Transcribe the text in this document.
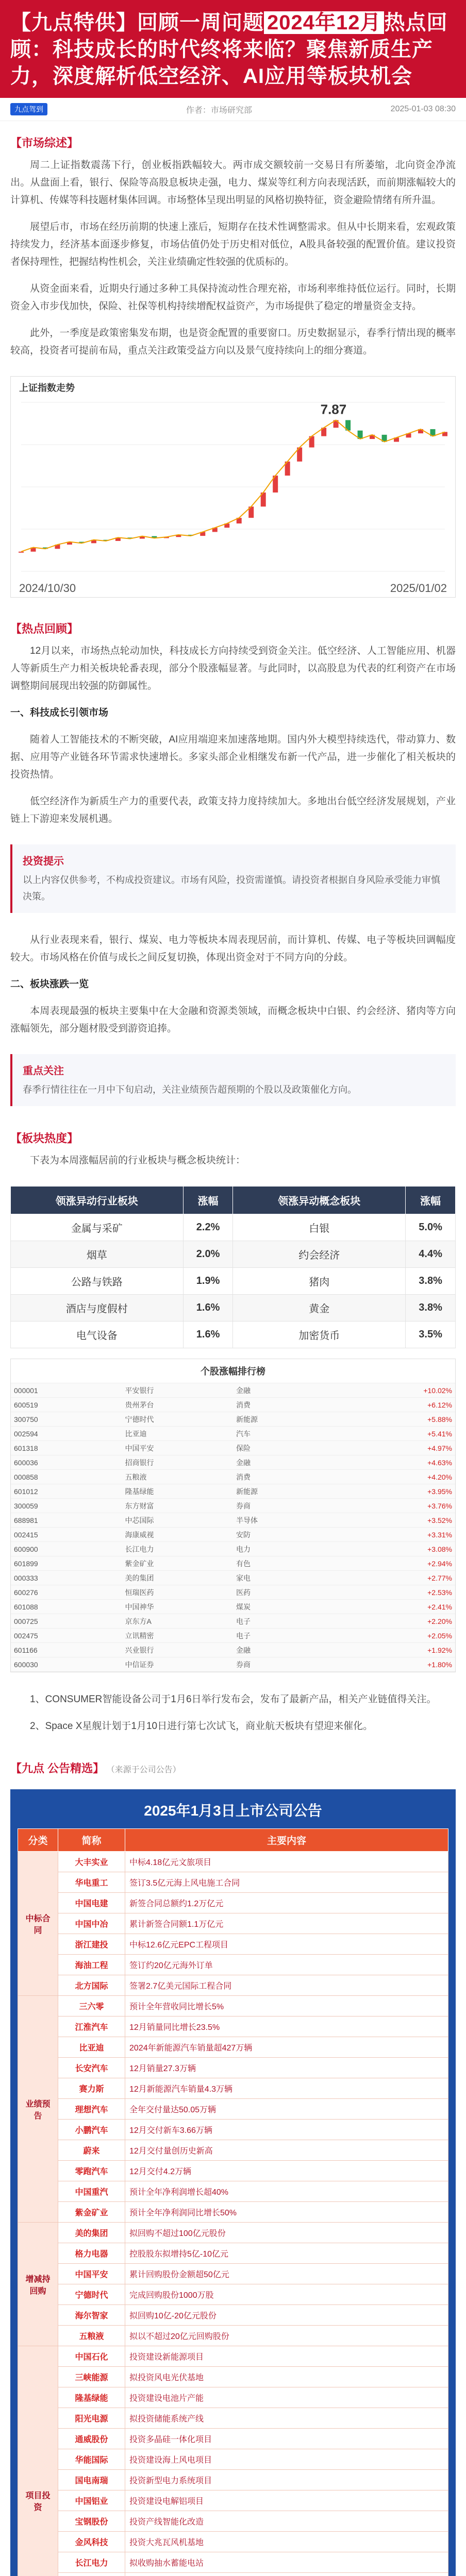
【九点特供】回顾一周问题 2024年12月 热点回顾：科技成长的时代终将来临？聚焦新质生产力，深度解析低空经济、AI应用等板块机会
九点驾到	作者：市场研究部	2025-01-03 08:30
【 市场综述 】

周二上证指数震荡下行，创业板指跌幅较大。两市成交额较前一交易日有所萎缩，北向资金净流出。从盘面上看，银行、保险等高股息板块走强，电力、煤炭等红利方向表现活跃，而前期涨幅较大的计算机、传媒等科技题材集体回调。市场整体呈现出明显的风格切换特征，资金避险情绪有所升温。

展望后市，市场在经历前期的快速上涨后，短期存在技术性调整需求。但从中长期来看，宏观政策持续发力，经济基本面逐步修复，市场估值仍处于历史相对低位，A股具备较强的配置价值。建议投资者保持理性，把握结构性机会，关注业绩确定性较强的优质标的。

从资金面来看，近期央行通过多种工具保持流动性合理充裕，市场利率维持低位运行。同时，长期资金入市步伐加快，保险、社保等机构持续增配权益资产，为市场提供了稳定的增量资金支持。

此外，一季度是政策密集发布期，也是资金配置的重要窗口。历史数据显示，春季行情出现的概率较高，投资者可提前布局，重点关注政策受益方向以及景气度持续向上的细分赛道。

上证指数走势
2024/10/30	2025/01/02
7.87
【 热点回顾 】

12月以来，市场热点轮动加快，科技成长方向持续受到资金关注。低空经济、人工智能应用、机器人等新质生产力相关板块轮番表现，部分个股涨幅显著。与此同时，以高股息为代表的红利资产在市场调整期间展现出较强的防御属性。

一、科技成长引领市场

随着人工智能技术的不断突破，AI应用端迎来加速落地期。国内外大模型持续迭代，带动算力、数据、应用等产业链各环节需求快速增长。多家头部企业相继发布新一代产品，进一步催化了相关板块的投资热情。

低空经济作为新质生产力的重要代表，政策支持力度持续加大。多地出台低空经济发展规划，产业链上下游迎来发展机遇。

投资提示

以上内容仅供参考，不构成投资建议。市场有风险，投资需谨慎。请投资者根据自身风险承受能力审慎决策。

从行业表现来看，银行、煤炭、电力等板块本周表现居前，而计算机、传媒、电子等板块回调幅度较大。市场风格在价值与成长之间反复切换，体现出资金对于不同方向的分歧。

二、板块涨跌一览

本周表现最强的板块主要集中在大金融和资源类领域，而概念板块中白银、约会经济、猪肉等方向涨幅领先，部分题材股受到游资追捧。

重点关注

春季行情往往在一月中下旬启动，关注业绩预告超预期的个股以及政策催化方向。

【 板块热度 】

下表为本周涨幅居前的行业板块与概念板块统计：

领涨异动行业板块	涨幅	领涨异动概念板块	涨幅
金属与采矿	2.2%	白银	5.0%
烟草	2.0%	约会经济	4.4%
公路与铁路	1.9%	猪肉	3.8%
酒店与度假村	1.6%	黄金	3.8%
电气设备	1.6%	加密货币	3.5%
个股涨幅排行榜
000001	平安银行	金融	+10.02%
600519	贵州茅台	消费	+6.12%
300750	宁德时代	新能源	+5.88%
002594	比亚迪	汽车	+5.41%
601318	中国平安	保险	+4.97%
600036	招商银行	金融	+4.63%
000858	五粮液	消费	+4.20%
601012	隆基绿能	新能源	+3.95%
300059	东方财富	券商	+3.76%
688981	中芯国际	半导体	+3.52%
002415	海康威视	安防	+3.31%
600900	长江电力	电力	+3.08%
601899	紫金矿业	有色	+2.94%
000333	美的集团	家电	+2.77%
600276	恒瑞医药	医药	+2.53%
601088	中国神华	煤炭	+2.41%
000725	京东方A	电子	+2.20%
002475	立讯精密	电子	+2.05%
601166	兴业银行	金融	+1.92%
600030	中信证券	券商	+1.80%

1、CONSUMER智能设备公司于1月6日举行发布会，发布了最新产品，相关产业链值得关注。

2、Space X星舰计划于1月10日进行第七次试飞，商业航天板块有望迎来催化。

【 九点 公告精选 】 （来源于公司公告）
2025年1月3日上市公司公告
分类	简称	主要内容
中标合同	大丰实业	中标4.18亿元文旅项目
	华电重工	签订3.5亿元海上风电施工合同
	中国电建	新签合同总额约1.2万亿元
	中国中冶	累计新签合同额1.1万亿元
	浙江建投	中标12.6亿元EPC工程项目
	海油工程	签订约20亿元海外订单
	北方国际	签署2.7亿美元国际工程合同
业绩预告	三六零	预计全年营收同比增长5%
	江淮汽车	12月销量同比增长23.5%
	比亚迪	2024年新能源汽车销量超427万辆
	长安汽车	12月销量27.3万辆
	赛力斯	12月新能源汽车销量4.3万辆
	理想汽车	全年交付量达50.05万辆
	小鹏汽车	12月交付新车3.66万辆
	蔚来	12月交付量创历史新高
	零跑汽车	12月交付4.2万辆
	中国重汽	预计全年净利润增长超40%
	紫金矿业	预计全年净利润同比增长50%
增减持回购	美的集团	拟回购不超过100亿元股份
	格力电器	控股股东拟增持5亿-10亿元
	中国平安	累计回购股份金额超50亿元
	宁德时代	完成回购股份1000万股
	海尔智家	拟回购10亿-20亿元股份
	五粮液	拟以不超过20亿元回购股份
项目投资	中国石化	投资建设新能源项目
	三峡能源	拟投资风电光伏基地
	隆基绿能	投资建设电池片产能
	阳光电源	拟投资储能系统产线
	通威股份	投资多晶硅一体化项目
	华能国际	投资建设海上风电项目
	国电南瑞	投资新型电力系统项目
	中国铝业	投资建设电解铝项目
	宝钢股份	投资产线智能化改造
	金风科技	投资大兆瓦风机基地
	长江电力	拟收购抽水蓄能电站
